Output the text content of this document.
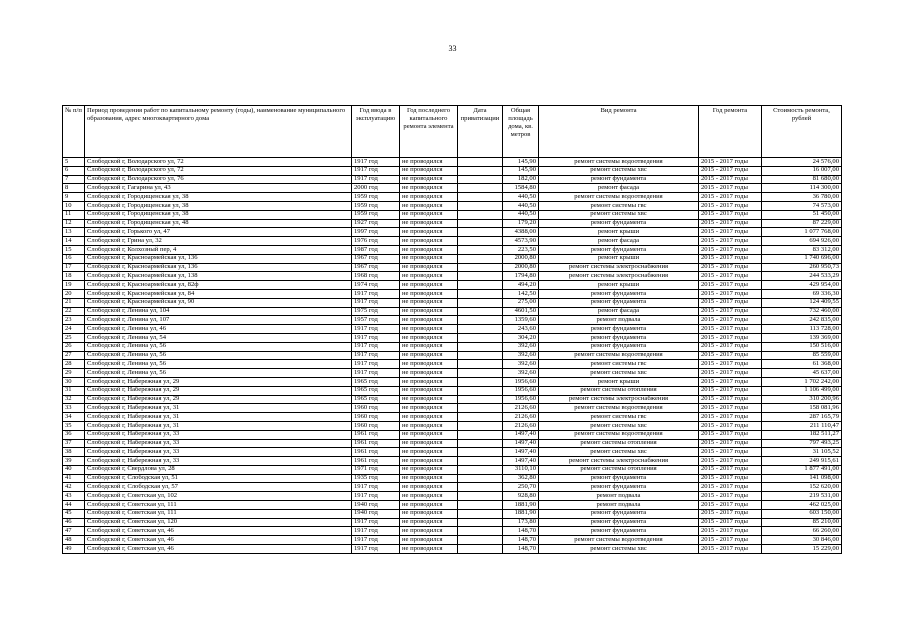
33
№ п/п	Период проведения работ по капитальному ремонту (годы), наименование муниципального образования, адрес многоквартирного дома	Год ввода в эксплуатацию	Год последнего капитального ремонта элемента	Дата приватизации	Общая площадь дома, кв. метров	Вид ремонта	Год ремонта	Стоимость ремонта, рублей
5	Слободской г, Володарского ул, 72	1917 год	не проводился		145,90	ремонт системы водоотведения	2015 - 2017 годы	24 576,00
6	Слободской г, Володарского ул, 72	1917 год	не проводился		145,90	ремонт системы хвс	2015 - 2017 годы	16 007,00
7	Слободской г, Володарского ул, 76	1917 год	не проводился		182,00	ремонт фундамента	2015 - 2017 годы	81 680,00
8	Слободской г, Гагарина ул, 43	2000 год	не проводился		1584,80	ремонт фасада	2015 - 2017 годы	114 300,00
9	Слободской г, Городищенская ул, 38	1959 год	не проводился		440,50	ремонт системы водоотведения	2015 - 2017 годы	36 780,00
10	Слободской г, Городищенская ул, 38	1959 год	не проводился		440,50	ремонт системы гвс	2015 - 2017 годы	74 573,00
11	Слободской г, Городищенская ул, 38	1959 год	не проводился		440,50	ремонт системы хвс	2015 - 2017 годы	51 450,00
12	Слободской г, Городищенская ул, 48	1927 год	не проводился		179,20	ремонт фундамента	2015 - 2017 годы	87 229,00
13	Слободской г, Горького ул, 47	1997 год	не проводился		4388,00	ремонт крыши	2015 - 2017 годы	1 077 768,00
14	Слободской г, Грина ул, 32	1976 год	не проводился		4573,90	ремонт фасада	2015 - 2017 годы	694 926,00
15	Слободской г, Колхозный пер, 4	1987 год	не проводился		223,50	ремонт фундамента	2015 - 2017 годы	83 312,00
16	Слободской г, Красноармейская ул, 136	1967 год	не проводился		2000,80	ремонт крыши	2015 - 2017 годы	1 740 696,00
17	Слободской г, Красноармейская ул, 136	1967 год	не проводился		2000,80	ремонт системы электроснабжения	2015 - 2017 годы	260 950,73
18	Слободской г, Красноармейская ул, 138	1968 год	не проводился		1794,80	ремонт системы электроснабжения	2015 - 2017 годы	244 533,29
19	Слободской г, Красноармейская ул, 82ф	1974 год	не проводился		494,20	ремонт крыши	2015 - 2017 годы	429 954,00
20	Слободской г, Красноармейская ул, 84	1917 год	не проводился		142,50	ремонт фундамента	2015 - 2017 годы	69 336,30
21	Слободской г, Красноармейская ул, 90	1917 год	не проводился		275,00	ремонт фундамента	2015 - 2017 годы	124 409,55
22	Слободской г, Ленина ул, 104	1975 год	не проводился		4601,50	ремонт фасада	2015 - 2017 годы	732 460,00
23	Слободской г, Ленина ул, 107	1957 год	не проводился		1359,60	ремонт подвала	2015 - 2017 годы	242 835,00
24	Слободской г, Ленина ул, 46	1917 год	не проводился		243,60	ремонт фундамента	2015 - 2017 годы	113 728,00
25	Слободской г, Ленина ул, 54	1917 год	не проводился		304,20	ремонт фундамента	2015 - 2017 годы	139 369,00
26	Слободской г, Ленина ул, 56	1917 год	не проводился		392,60	ремонт фундамента	2015 - 2017 годы	150 516,00
27	Слободской г, Ленина ул, 56	1917 год	не проводился		392,60	ремонт системы водоотведения	2015 - 2017 годы	85 559,00
28	Слободской г, Ленина ул, 56	1917 год	не проводился		392,60	ремонт системы гвс	2015 - 2017 годы	61 368,00
29	Слободской г, Ленина ул, 56	1917 год	не проводился		392,60	ремонт системы хвс	2015 - 2017 годы	45 637,00
30	Слободской г, Набережная ул, 29	1965 год	не проводился		1956,60	ремонт крыши	2015 - 2017 годы	1 702 242,00
31	Слободской г, Набережная ул, 29	1965 год	не проводился		1956,60	ремонт системы отопления	2015 - 2017 годы	1 106 499,00
32	Слободской г, Набережная ул, 29	1965 год	не проводился		1956,60	ремонт системы электроснабжения	2015 - 2017 годы	310 200,96
33	Слободской г, Набережная ул, 31	1960 год	не проводился		2126,60	ремонт системы водоотведения	2015 - 2017 годы	158 081,96
34	Слободской г, Набережная ул, 31	1960 год	не проводился		2126,60	ремонт системы гвс	2015 - 2017 годы	287 165,79
35	Слободской г, Набережная ул, 31	1960 год	не проводился		2126,60	ремонт системы хвс	2015 - 2017 годы	211 110,47
36	Слободской г, Набережная ул, 33	1961 год	не проводился		1497,40	ремонт системы водоотведения	2015 - 2017 годы	182 511,27
37	Слободской г, Набережная ул, 33	1961 год	не проводился		1497,40	ремонт системы отопления	2015 - 2017 годы	797 493,25
38	Слободской г, Набережная ул, 33	1961 год	не проводился		1497,40	ремонт системы хвс	2015 - 2017 годы	31 105,52
39	Слободской г, Набережная ул, 33	1961 год	не проводился		1497,40	ремонт системы электроснабжения	2015 - 2017 годы	249 915,61
40	Слободской г, Свердлова ул, 28	1971 год	не проводился		3110,10	ремонт системы отопления	2015 - 2017 годы	1 877 491,00
41	Слободской г, Слободская ул, 51	1935 год	не проводился		362,80	ремонт фундамента	2015 - 2017 годы	141 098,00
42	Слободской г, Слободская ул, 57	1917 год	не проводился		250,70	ремонт фундамента	2015 - 2017 годы	152 620,00
43	Слободской г, Советская ул, 102	1917 год	не проводился		928,80	ремонт подвала	2015 - 2017 годы	219 531,00
44	Слободской г, Советская ул, 111	1940 год	не проводился		1881,90	ремонт подвала	2015 - 2017 годы	462 025,00
45	Слободской г, Советская ул, 111	1940 год	не проводился		1881,90	ремонт фундамента	2015 - 2017 годы	603 150,00
46	Слободской г, Советская ул, 120	1917 год	не проводился		173,80	ремонт фундамента	2015 - 2017 годы	85 210,00
47	Слободской г, Советская ул, 46	1917 год	не проводился		148,70	ремонт фундамента	2015 - 2017 годы	66 260,00
48	Слободской г, Советская ул, 46	1917 год	не проводился		148,70	ремонт системы водоотведения	2015 - 2017 годы	30 846,00
49	Слободской г, Советская ул, 46	1917 год	не проводился		148,70	ремонт системы хвс	2015 - 2017 годы	15 229,00
